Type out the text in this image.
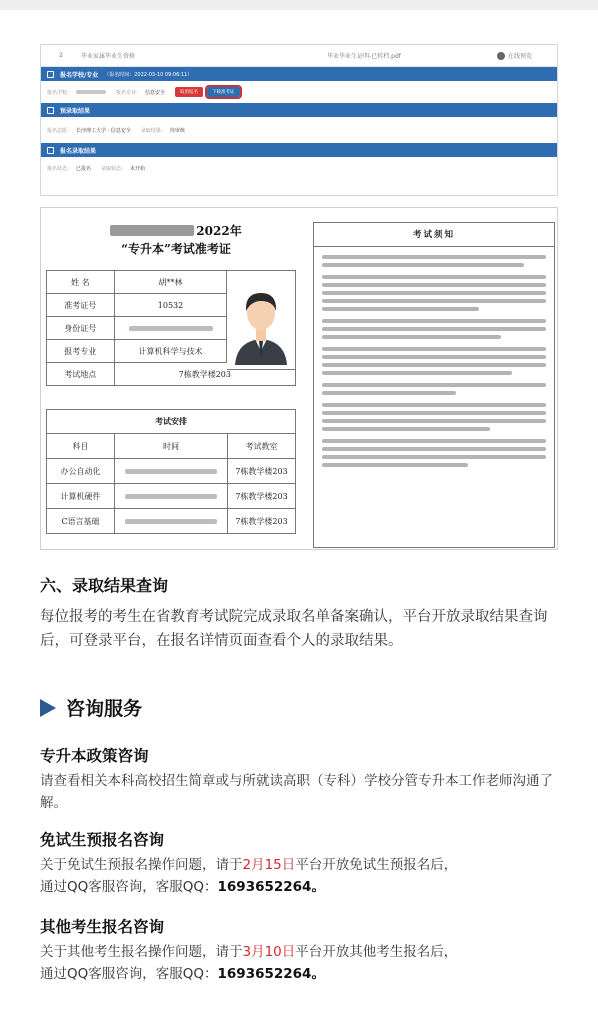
2	毕业家属毕业生资格	毕业毕业生证明-已转档.pdf	在线预览
报名学校/专业 （报名时间：2022-03-10 09:06:11）
报名学校：	报名专业： 信息安全	取消报名	下载准考证
预录取结果
报名志愿： 长沙理工大学 · 信息安全 录取结果： 待审核
报名录取结果
报名状态： 已报名 录取状态： 未开始
2022年
“专升本”考试准考证
姓 名	胡**林	
准考证号	10532	
身份证号		
报考专业	计算机科学与技术	
考试地点	7栋教学楼203	
考试安排		
科目	时间	考试教室
办公自动化		7栋教学楼203
计算机硬件		7栋教学楼203
C语言基础		7栋教学楼203
考试须知
六、录取结果查询
每位报考的考生在省教育考试院完成录取名单备案确认，平台开放录取结果查询后，可登录平台，在报名详情页面查看个人的录取结果。
咨询服务
专升本政策咨询
请查看相关本科高校招生简章或与所就读高职（专科）学校分管专升本工作老师沟通了解。
免试生预报名咨询
关于免试生预报名操作问题，请于2月15日平台开放免试生预报名后，
通过QQ客服咨询，客服QQ：1693652264。
其他考生报名咨询
关于其他考生报名操作问题，请于3月10日平台开放其他考生报名后，
通过QQ客服咨询，客服QQ：1693652264。
